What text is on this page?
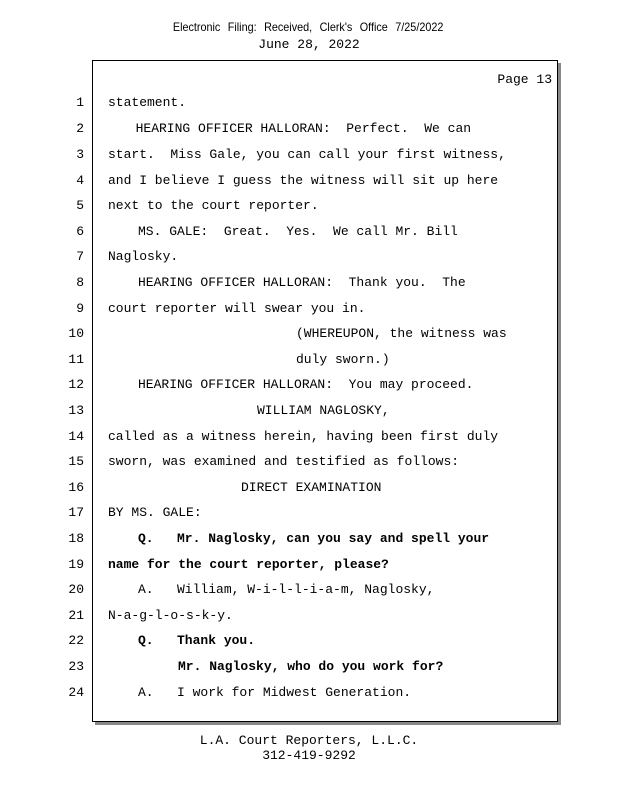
Electronic Filing: Received, Clerk's Office 7/25/2022
June 28, 2022
Page 13
1 statement.
2	HEARING OFFICER HALLORAN:  Perfect.  We can
3 start.  Miss Gale, you can call your first witness,
4 and I believe I guess the witness will sit up here
5 next to the court reporter.
6	MS. GALE:  Great.  Yes.  We call Mr. Bill
7 Naglosky.
8	HEARING OFFICER HALLORAN:  Thank you.  The
9 court reporter will swear you in.
10	(WHEREUPON, the witness was
11	duly sworn.)
12	HEARING OFFICER HALLORAN:  You may proceed.
13	WILLIAM NAGLOSKY,
14 called as a witness herein, having been first duly
15 sworn, was examined and testified as follows:
16	DIRECT EXAMINATION
17 BY MS. GALE:
18	Q.   Mr. Naglosky, can you say and spell your
19 name for the court reporter, please?
20	A.   William, W-i-l-l-i-a-m, Naglosky,
21 N-a-g-l-o-s-k-y.
22	Q.   Thank you.
23	Mr. Naglosky, who do you work for?
24	A.   I work for Midwest Generation.
L.A. Court Reporters, L.L.C.
312-419-9292
